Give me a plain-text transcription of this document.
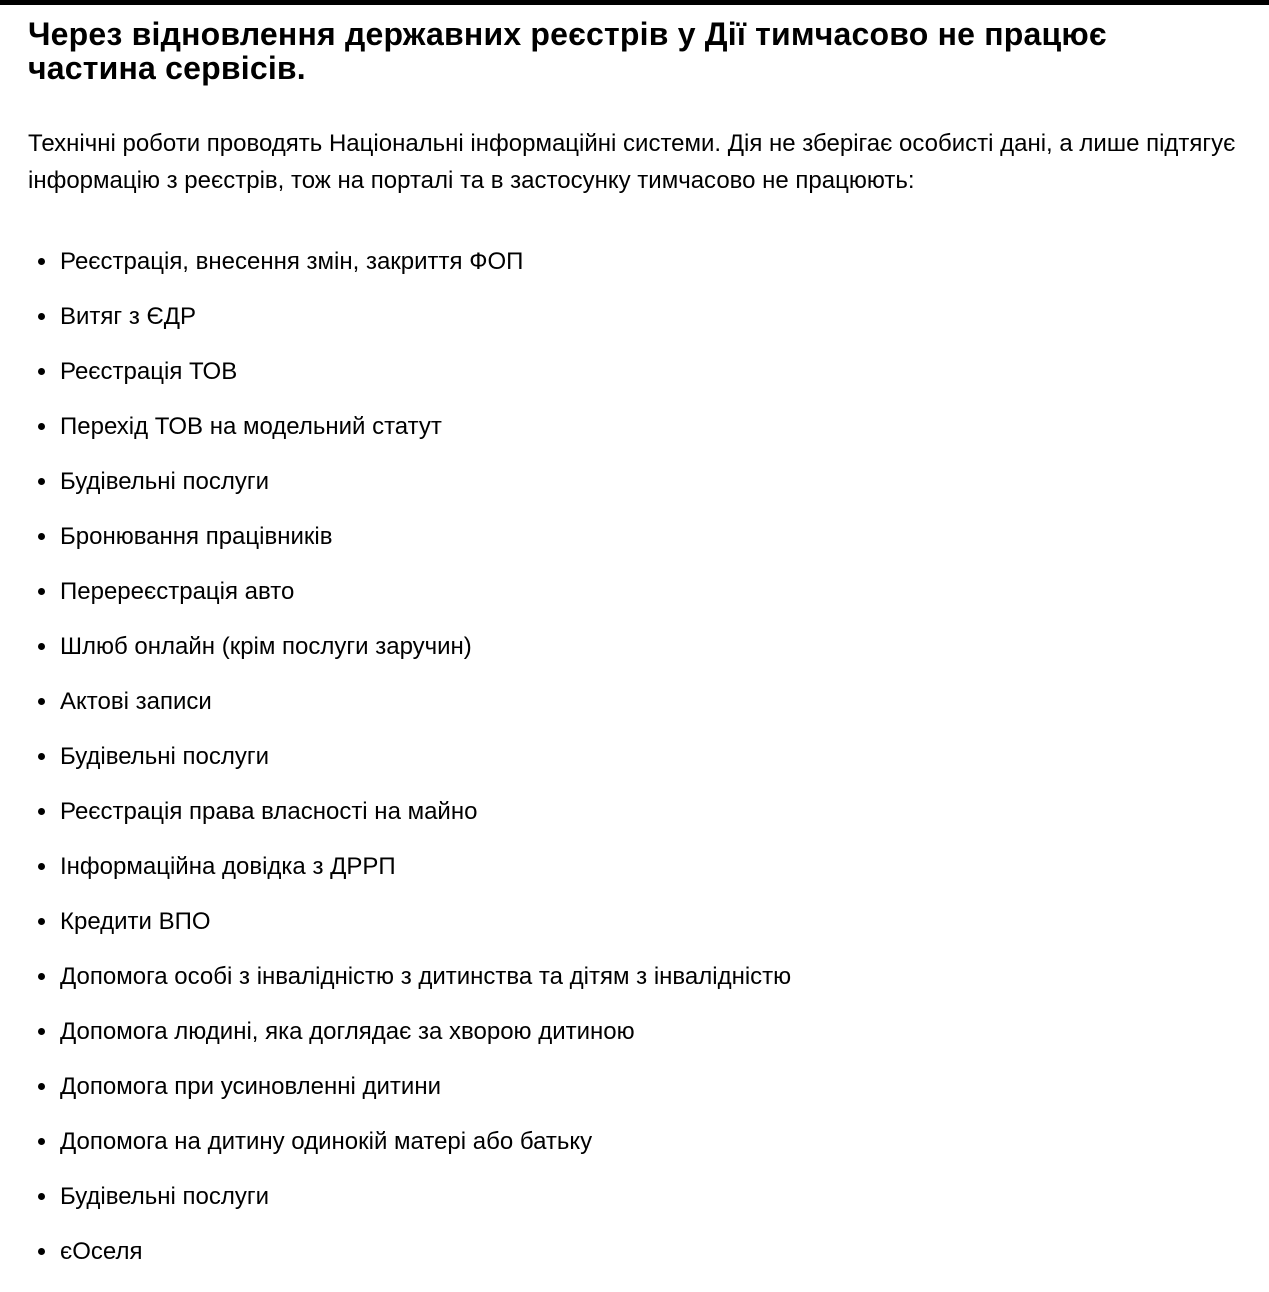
Через відновлення державних реєстрів у Дії тимчасово не працює частина сервісів.

Технічні роботи проводять Національні інформаційні системи. Дія не зберігає особисті дані, а лише підтягує інформацію з реєстрів, тож на порталі та в застосунку тимчасово не працюють:

Реєстрація, внесення змін, закриття ФОП
Витяг з ЄДР
Реєстрація ТОВ
Перехід ТОВ на модельний статут
Будівельні послуги
Бронювання працівників
Перереєстрація авто
Шлюб онлайн (крім послуги заручин)
Актові записи
Будівельні послуги
Реєстрація права власності на майно
Інформаційна довідка з ДРРП
Кредити ВПО
Допомога особі з інвалідністю з дитинства та дітям з інвалідністю
Допомога людині, яка доглядає за хворою дитиною
Допомога при усиновленні дитини
Допомога на дитину одинокій матері або батьку
Будівельні послуги
єОселя
